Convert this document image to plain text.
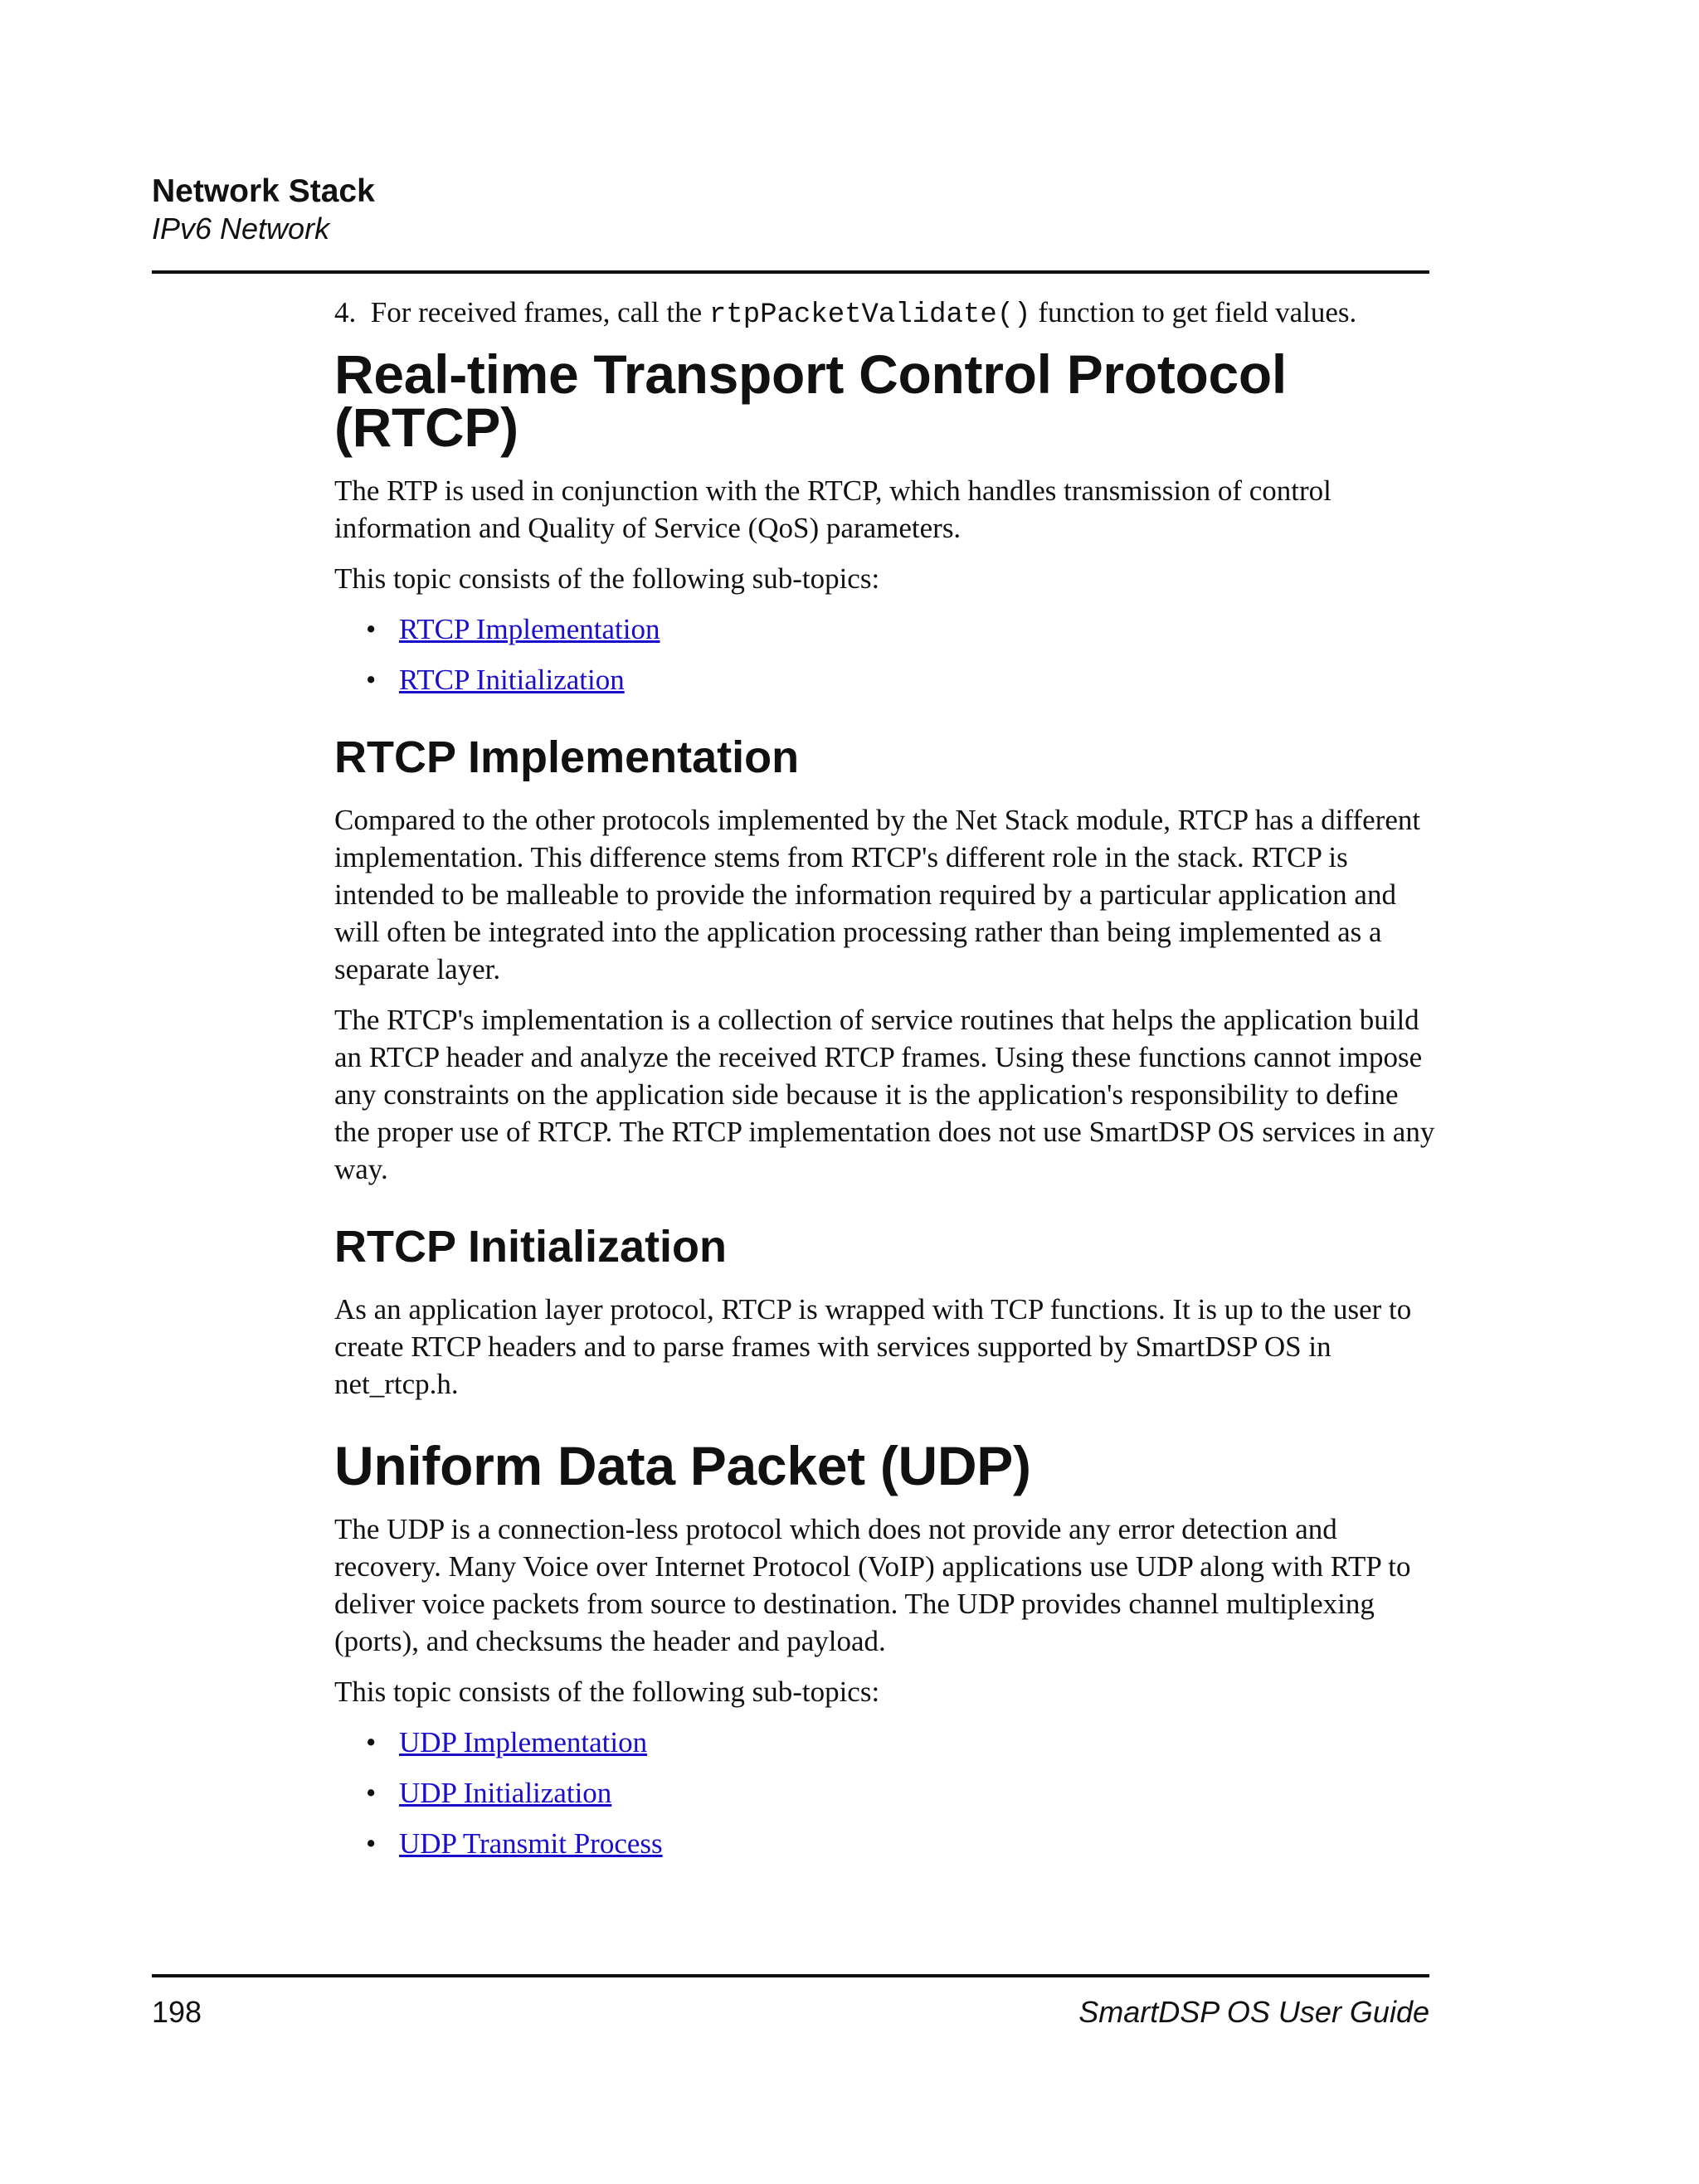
Network Stack
IPv6 Network

4. For received frames, call the rtpPacketValidate() function to get field values.

Real-time Transport Control Protocol
(RTCP)

The RTP is used in conjunction with the RTCP, which handles transmission of control information and Quality of Service (QoS) parameters.

This topic consists of the following sub-topics:

• RTCP Implementation
• RTCP Initialization
RTCP Implementation

Compared to the other protocols implemented by the Net Stack module, RTCP has a different implementation. This difference stems from RTCP's different role in the stack. RTCP is intended to be malleable to provide the information required by a particular application and will often be integrated into the application processing rather than being implemented as a separate layer.

The RTCP's implementation is a collection of service routines that helps the application build an RTCP header and analyze the received RTCP frames. Using these functions cannot impose any constraints on the application side because it is the application's responsibility to define the proper use of RTCP. The RTCP implementation does not use SmartDSP OS services in any way.

RTCP Initialization

As an application layer protocol, RTCP is wrapped with TCP functions. It is up to the user to create RTCP headers and to parse frames with services supported by SmartDSP OS in net_rtcp.h.

Uniform Data Packet (UDP)

The UDP is a connection-less protocol which does not provide any error detection and recovery. Many Voice over Internet Protocol (VoIP) applications use UDP along with RTP to deliver voice packets from source to destination. The UDP provides channel multiplexing (ports), and checksums the header and payload.

This topic consists of the following sub-topics:

• UDP Implementation
• UDP Initialization
• UDP Transmit Process
198	SmartDSP OS User Guide
